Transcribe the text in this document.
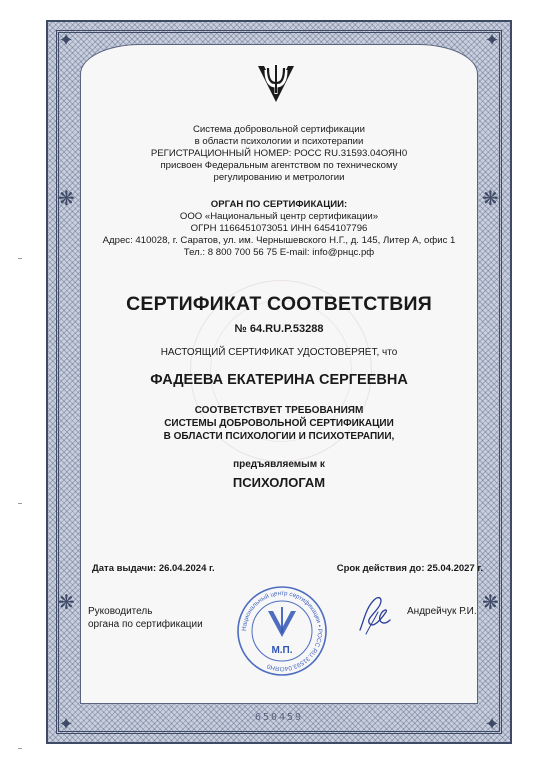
✦	✦
✦	✦
❋	❋
❋	❋
Система добровольной сертификации
в области психологии и психотерапии
РЕГИСТРАЦИОННЫЙ НОМЕР: РОСС RU.31593.04ОЯН0
присвоен Федеральным агентством по техническому
регулированию и метрологии
ОРГАН ПО СЕРТИФИКАЦИИ:
ООО «Национальный центр сертификации»
ОГРН 1166451073051 ИНН 6454107796
Адрес: 410028, г. Саратов, ул. им. Чернышевского Н.Г., д. 145, Литер А, офис 1
Тел.: 8 800 700 56 75 E-mail: info@рнцс.рф
СЕРТИФИКАТ СООТВЕТСТВИЯ
№ 64.RU.Р.53288
НАСТОЯЩИЙ СЕРТИФИКАТ УДОСТОВЕРЯЕТ, что
ФАДЕЕВА ЕКАТЕРИНА СЕРГЕЕВНА
СООТВЕТСТВУЕТ ТРЕБОВАНИЯМ
СИСТЕМЫ ДОБРОВОЛЬНОЙ СЕРТИФИКАЦИИ
В ОБЛАСТИ ПСИХОЛОГИИ И ПСИХОТЕРАПИИ,
предъявляемым к
ПСИХОЛОГАМ
Дата выдачи: 26.04.2024 г.	Срок действия до: 25.04.2027 г.
Руководитель
органа по сертификации	Национальный центр сертификации • РОСС RU.31593.04ОЯН0
М.П.
Андрейчук Р.И.
650459
